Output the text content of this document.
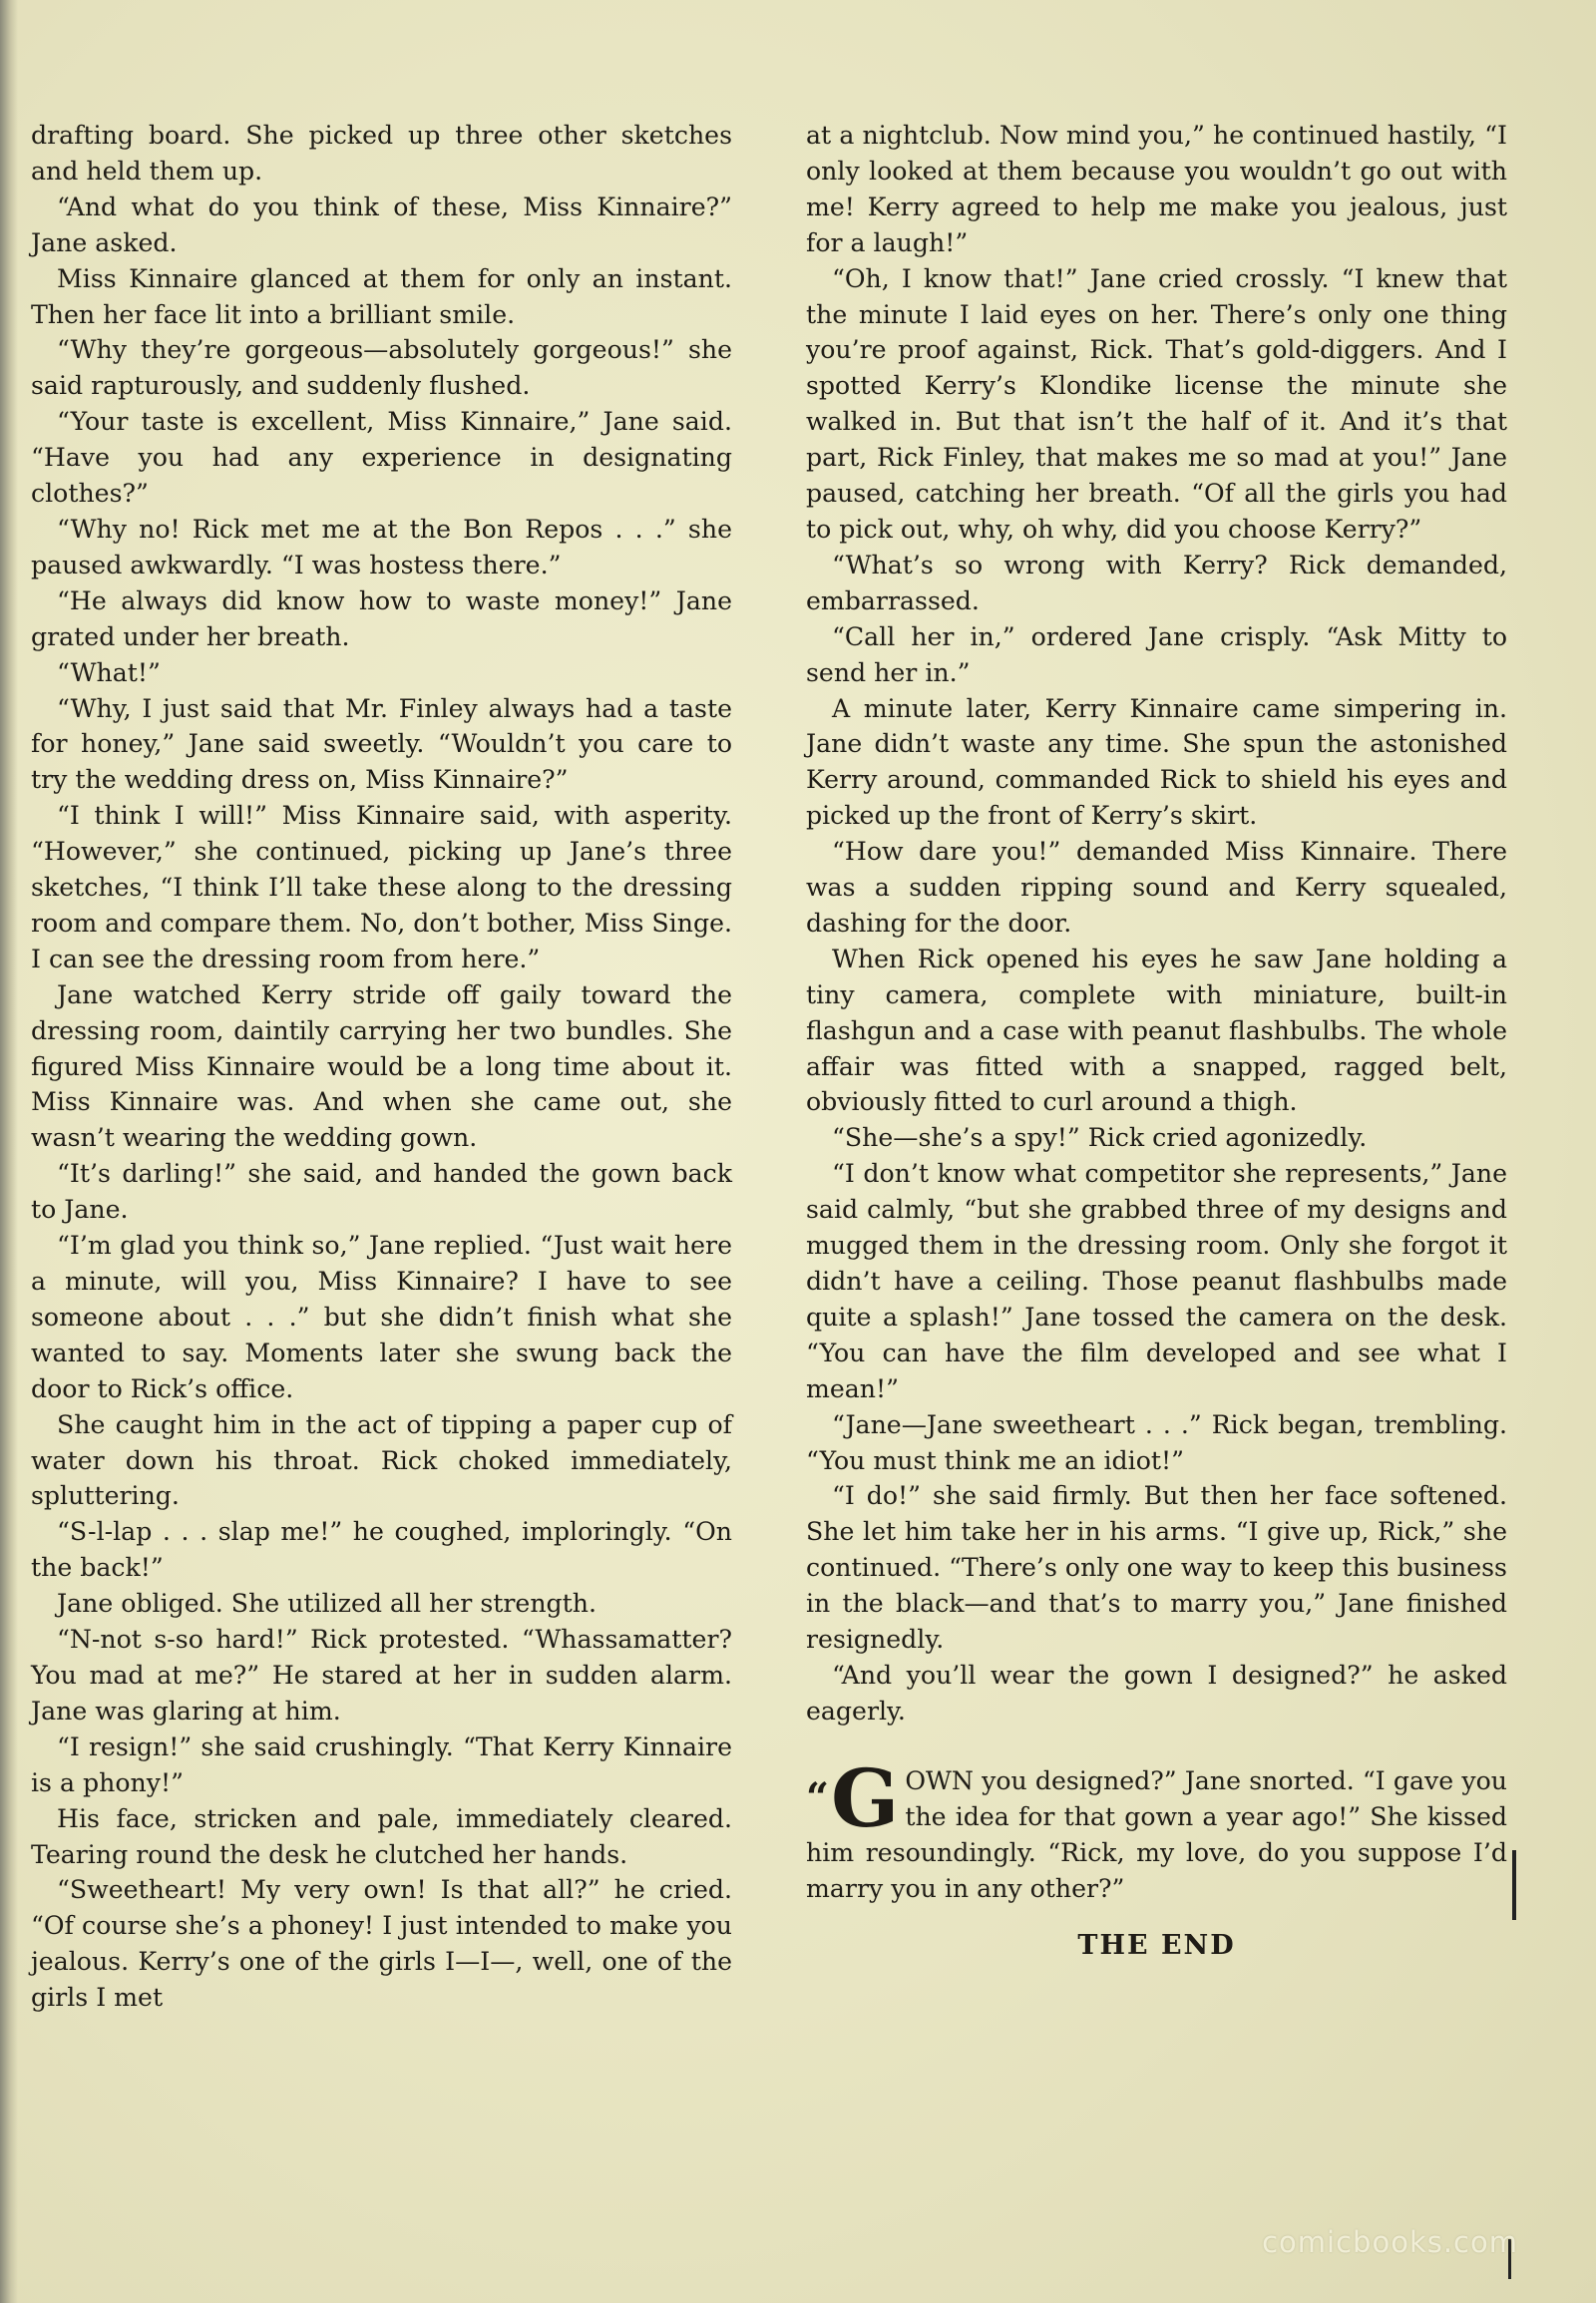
drafting board. She picked up three other sketches and held them up.

“And what do you think of these, Miss Kinnaire?” Jane asked.

Miss Kinnaire glanced at them for only an instant. Then her face lit into a brilliant smile.

“Why they’re gorgeous—absolutely gorgeous!” she said rapturously, and suddenly flushed.

“Your taste is excellent, Miss Kinnaire,” Jane said. “Have you had any experience in designating clothes?”

“Why no! Rick met me at the Bon Repos . . .” she paused awkwardly. “I was hostess there.”

“He always did know how to waste money!” Jane grated under her breath.

“What!”

“Why, I just said that Mr. Finley always had a taste for honey,” Jane said sweetly. “Wouldn’t you care to try the wedding dress on, Miss Kinnaire?”

“I think I will!” Miss Kinnaire said, with asperity. “However,” she continued, picking up Jane’s three sketches, “I think I’ll take these along to the dressing room and compare them. No, don’t bother, Miss Singe. I can see the dressing room from here.”

Jane watched Kerry stride off gaily toward the dressing room, daintily carrying her two bundles. She figured Miss Kinnaire would be a long time about it. Miss Kinnaire was. And when she came out, she wasn’t wearing the wedding gown.

“It’s darling!” she said, and handed the gown back to Jane.

“I’m glad you think so,” Jane replied. “Just wait here a minute, will you, Miss Kinnaire? I have to see someone about . . .” but she didn’t finish what she wanted to say. Moments later she swung back the door to Rick’s office.

She caught him in the act of tipping a paper cup of water down his throat. Rick choked immediately, spluttering.

“S-l-lap . . . slap me!” he coughed, imploringly. “On the back!”

Jane obliged. She utilized all her strength.

“N-not s-so hard!” Rick protested. “Whassamatter? You mad at me?” He stared at her in sudden alarm. Jane was glaring at him.

“I resign!” she said crushingly. “That Kerry Kinnaire is a phony!”

His face, stricken and pale, immediately cleared. Tearing round the desk he clutched her hands.

“Sweetheart! My very own! Is that all?” he cried. “Of course she’s a phoney! I just intended to make you jealous. Kerry’s one of the girls I—I—, well, one of the girls I met

at a nightclub. Now mind you,” he continued hastily, “I only looked at them because you wouldn’t go out with me! Kerry agreed to help me make you jealous, just for a laugh!”

“Oh, I know that!” Jane cried crossly. “I knew that the minute I laid eyes on her. There’s only one thing you’re proof against, Rick. That’s gold-diggers. And I spotted Kerry’s Klondike license the minute she walked in. But that isn’t the half of it. And it’s that part, Rick Finley, that makes me so mad at you!” Jane paused, catching her breath. “Of all the girls you had to pick out, why, oh why, did you choose Kerry?”

“What’s so wrong with Kerry? Rick demanded, embarrassed.

“Call her in,” ordered Jane crisply. “Ask Mitty to send her in.”

A minute later, Kerry Kinnaire came simpering in. Jane didn’t waste any time. She spun the astonished Kerry around, commanded Rick to shield his eyes and picked up the front of Kerry’s skirt.

“How dare you!” demanded Miss Kinnaire. There was a sudden ripping sound and Kerry squealed, dashing for the door.

When Rick opened his eyes he saw Jane holding a tiny camera, complete with miniature, built-in flashgun and a case with peanut flashbulbs. The whole affair was fitted with a snapped, ragged belt, obviously fitted to curl around a thigh.

“She—she’s a spy!” Rick cried agonizedly.

“I don’t know what competitor she represents,” Jane said calmly, “but she grabbed three of my designs and mugged them in the dressing room. Only she forgot it didn’t have a ceiling. Those peanut flashbulbs made quite a splash!” Jane tossed the camera on the desk. “You can have the film developed and see what I mean!”

“Jane—Jane sweetheart . . .” Rick began, trembling. “You must think me an idiot!”

“I do!” she said firmly. But then her face softened. She let him take her in his arms. “I give up, Rick,” she continued. “There’s only one way to keep this business in the black—and that’s to marry you,” Jane finished resignedly.

“And you’ll wear the gown I designed?” he asked eagerly.

“G OWN you designed?” Jane snorted. “I gave you the idea for that gown a year ago!” She kissed him resoundingly. “Rick, my love, do you suppose I’d marry you in any other?”

THE END
comicbooks.com
